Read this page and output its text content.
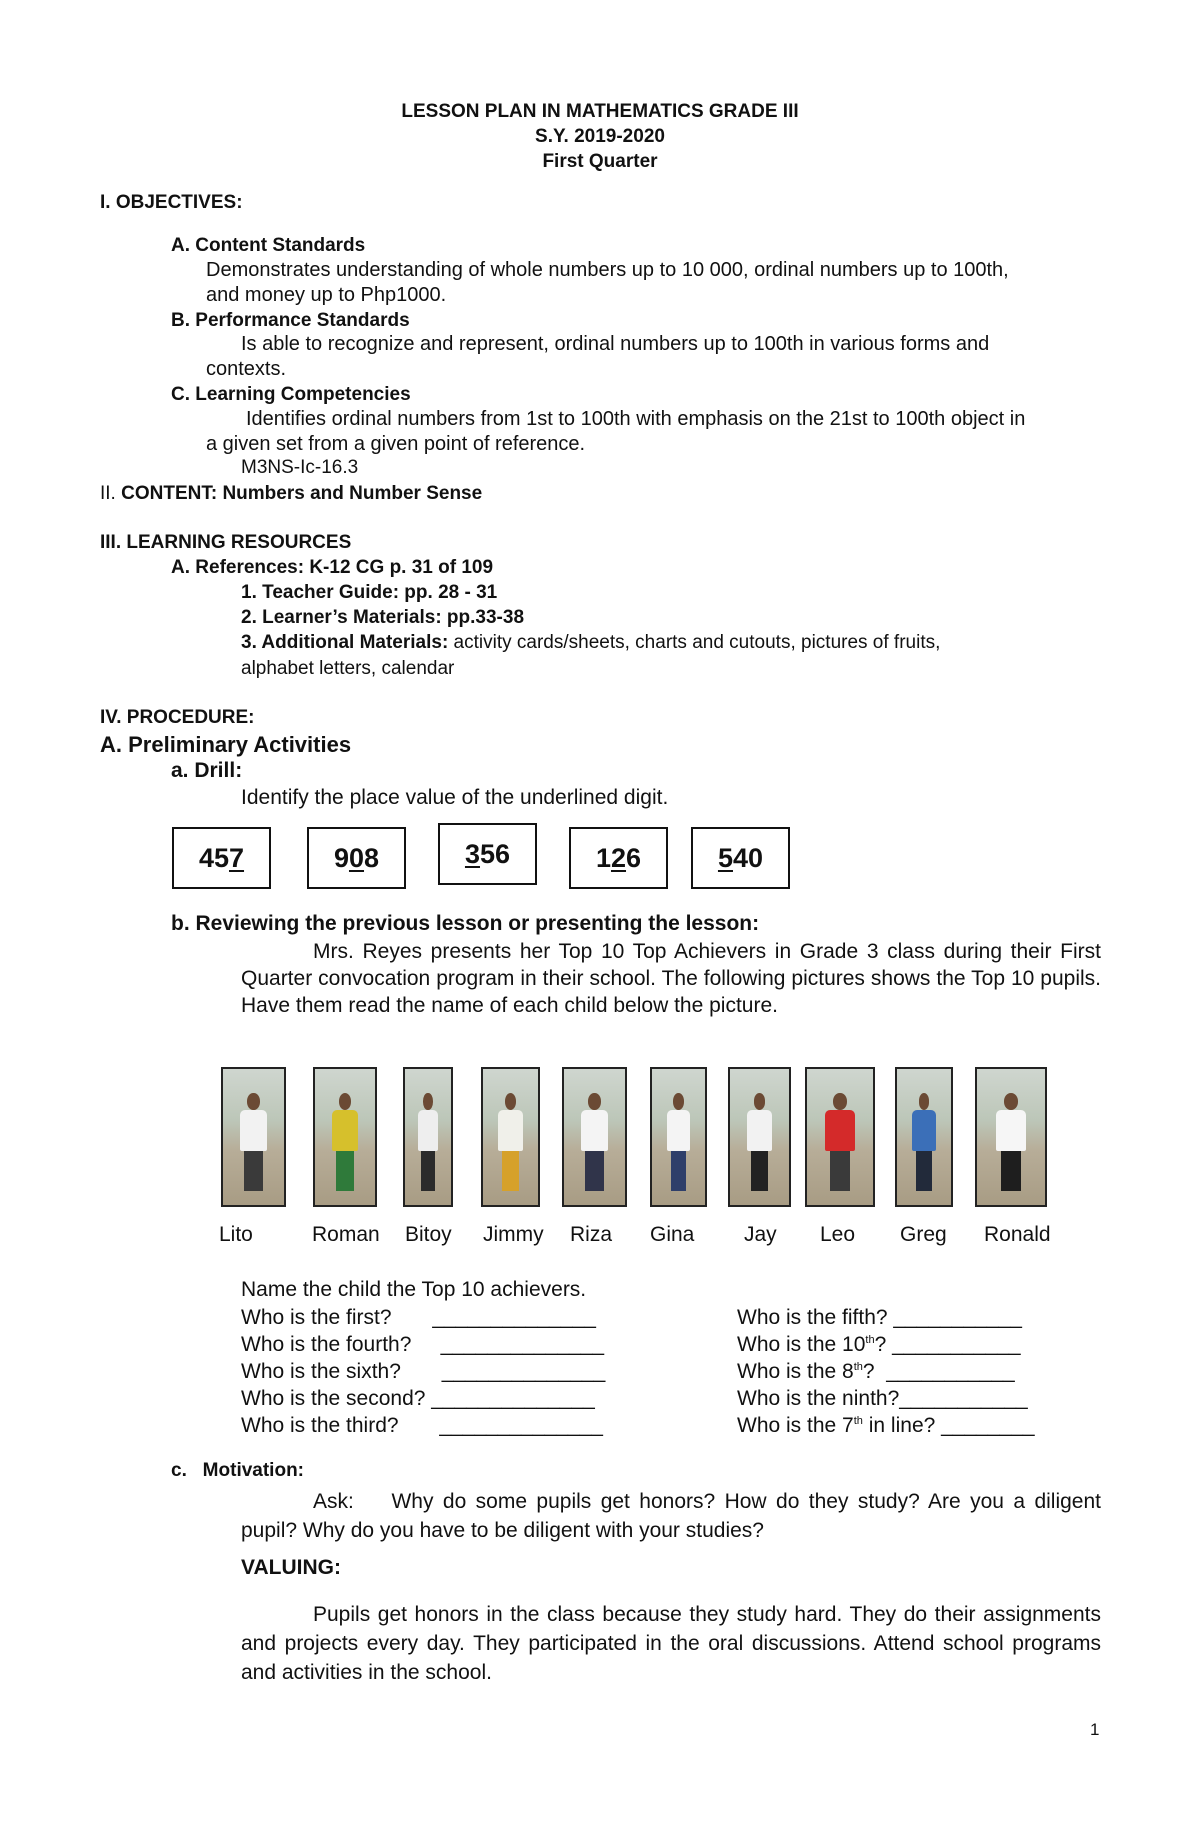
LESSON PLAN IN MATHEMATICS GRADE III
S.Y. 2019-2020
First Quarter
I. OBJECTIVES:
A. Content Standards
Demonstrates understanding of whole numbers up to 10 000, ordinal numbers up to 100th,
and money up to Php1000.
B. Performance Standards
Is able to recognize and represent, ordinal numbers up to 100th in various forms and
contexts.
C. Learning Competencies
Identifies ordinal numbers from 1st to 100th with emphasis on the 21st to 100th object in
a given set from a given point of reference.
M3NS-Ic-16.3
II. CONTENT: Numbers and Number Sense
III. LEARNING RESOURCES
A. References: K-12 CG p. 31 of 109
1. Teacher Guide: pp. 28 - 31
2. Learner’s Materials: pp.33-38
3. Additional Materials: activity cards/sheets, charts and cutouts, pictures of fruits,
alphabet letters, calendar
IV. PROCEDURE:
A. Preliminary Activities
a. Drill:
Identify the place value of the underlined digit.
45 7	9 0 8	3 56	1 2 6	5 40
b. Reviewing the previous lesson or presenting the lesson:
Mrs. Reyes presents her Top 10 Top Achievers in Grade 3 class during their First Quarter convocation program in their school. The following pictures shows the Top 10 pupils. Have them read the name of each child below the picture.
Lito	Roman Bitoy Jimmy Riza Gina Jay Leo Greg Ronald
Name the child the Top 10 achievers.
Who is the first?       ______________
Who is the fourth?     ______________
Who is the sixth?       ______________
Who is the second? ______________
Who is the third?       ______________
Who is the fifth? ___________
Who is the 10th? ___________
Who is the 8th?  ___________
Who is the ninth?___________
Who is the 7th in line? ________
c.   Motivation:
Ask:    Why do some pupils get honors? How do they study? Are you a diligent pupil? Why do you have to be diligent with your studies?
VALUING:
Pupils get honors in the class because they study hard. They do their assignments and projects every day. They participated in the oral discussions. Attend school programs and activities in the school.
1
